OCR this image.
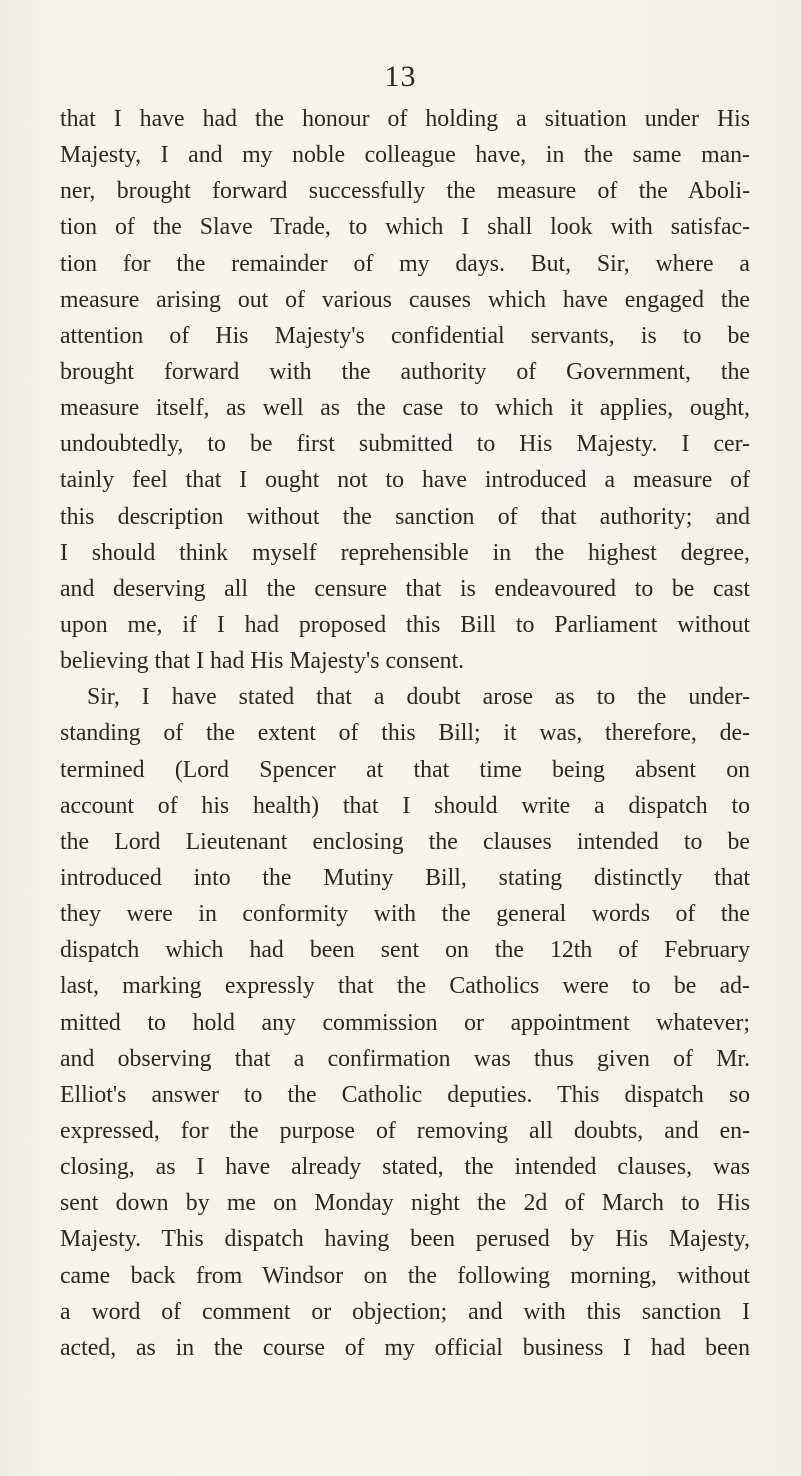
13
that I have had the honour of holding a situation under His
Majesty, I and my noble colleague have, in the same man-
ner, brought forward successfully the measure of the Aboli-
tion of the Slave Trade, to which I shall look with satisfac-
tion for the remainder of my days. But, Sir, where a
measure arising out of various causes which have engaged the
attention of His Majesty's confidential servants, is to be
brought forward with the authority of Government, the
measure itself, as well as the case to which it applies, ought,
undoubtedly, to be first submitted to His Majesty. I cer-
tainly feel that I ought not to have introduced a measure of
this description without the sanction of that authority; and
I should think myself reprehensible in the highest degree,
and deserving all the censure that is endeavoured to be cast
upon me, if I had proposed this Bill to Parliament without
believing that I had His Majesty's consent.
Sir, I have stated that a doubt arose as to the under-
standing of the extent of this Bill; it was, therefore, de-
termined (Lord Spencer at that time being absent on
account of his health) that I should write a dispatch to
the Lord Lieutenant enclosing the clauses intended to be
introduced into the Mutiny Bill, stating distinctly that
they were in conformity with the general words of the
dispatch which had been sent on the 12th of February
last, marking expressly that the Catholics were to be ad-
mitted to hold any commission or appointment whatever;
and observing that a confirmation was thus given of Mr.
Elliot's answer to the Catholic deputies. This dispatch so
expressed, for the purpose of removing all doubts, and en-
closing, as I have already stated, the intended clauses, was
sent down by me on Monday night the 2d of March to His
Majesty. This dispatch having been perused by His Majesty,
came back from Windsor on the following morning, without
a word of comment or objection; and with this sanction I
acted, as in the course of my official business I had been
